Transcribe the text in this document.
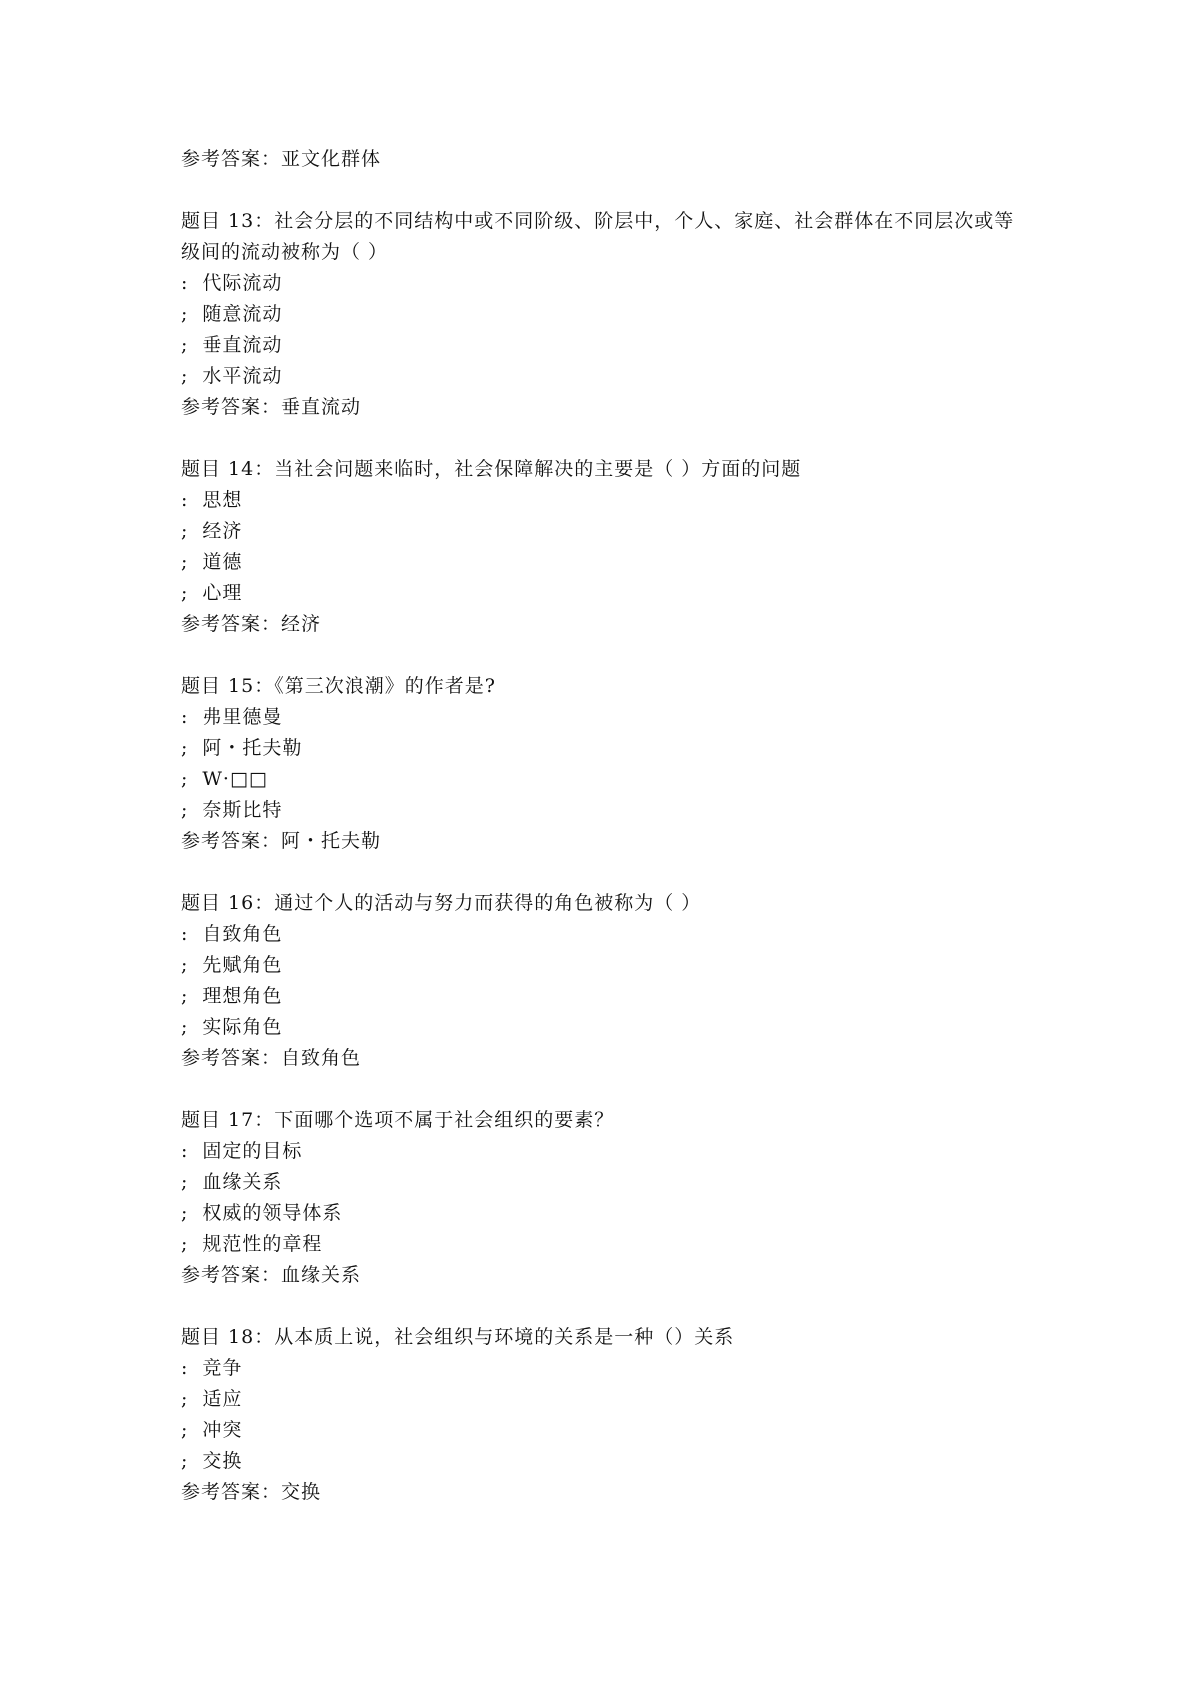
参考答案：亚文化群体
题目 13：社会分层的不同结构中或不同阶级、阶层中，个人、家庭、社会群体在不同层次或等级间的流动被称为（ ）
: 代际流动
; 随意流动
; 垂直流动
; 水平流动
参考答案：垂直流动
题目 14：当社会问题来临时，社会保障解决的主要是（ ）方面的问题
: 思想
; 经济
; 道德
; 心理
参考答案：经济
题目 15：《第三次浪潮》的作者是?
: 弗里德曼
; 阿・托夫勒
; W·□□
; 奈斯比特
参考答案：阿・托夫勒
题目 16：通过个人的活动与努力而获得的角色被称为（ ）
: 自致角色
; 先赋角色
; 理想角色
; 实际角色
参考答案：自致角色
题目 17：下面哪个选项不属于社会组织的要素？
: 固定的目标
; 血缘关系
; 权威的领导体系
; 规范性的章程
参考答案：血缘关系
题目 18：从本质上说，社会组织与环境的关系是一种（）关系
: 竞争
; 适应
; 冲突
; 交换
参考答案：交换
